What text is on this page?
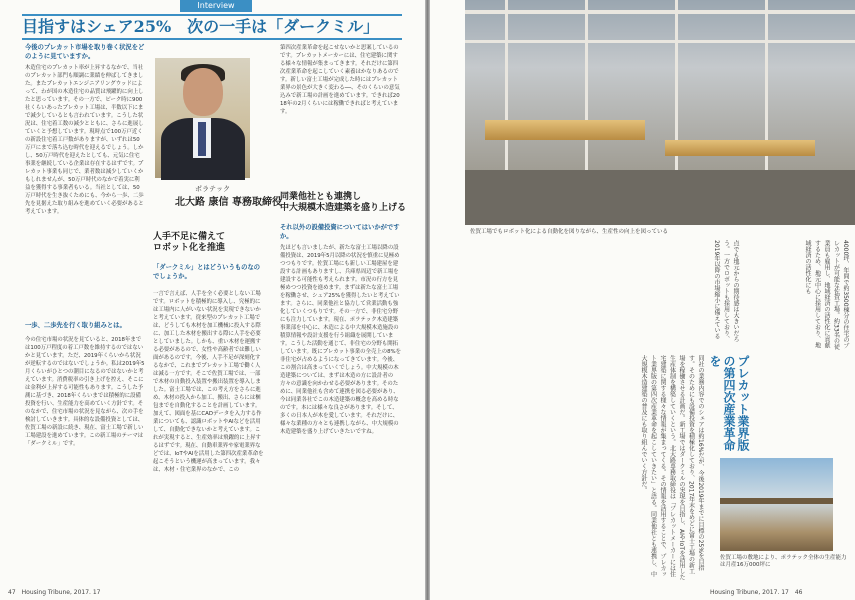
Interview
目指すはシェア25%　次の一手は「ダークミル」
今後のプレカット市場を取り巻く状況をどのように見ていますか。
木造住宅のプレカット率が上昇するなかで、当社のプレカット部門も順調に業績を伸ばしてきました。またプレカットエンジニアリングウッドによって、わが国の木造住宅の品質は飛躍的に向上したと思っています。その一方で、ピーク時に900社くらいあったプレカット工場は、半数以下にまで減少しているとも言われています。こうした状況は、住宅着工数の減少とともに、さらに進展していくと予想しています。現時点で100万戸近くの新設住宅着工戸数がありますが、いずれは50万戸にまで落ち込む時代を迎えるでしょう。しかし、50万戸時代を迎えたとしても、元気に住宅事業を継続している企業は存在するはずです。プレカット事業も同じで、業者数は減少していくかもしれませんが、50万戸時代のなかで着実に利益を獲得する事業者もいる。当社としては、50万戸時代を生き抜くためにも、今から一歩、二歩先を見据えた取り組みを進めていく必要があると考えています。
一歩、二歩先を行く取り組みとは。
今の住宅市場の状況を見ていると、2018年までは100万戸程度の着工戸数を維持するのではないかと見ています。ただ、2019年くらいから状況が逆転するのではないでしょうか。私は2019年5月くらいがひとつの潮目になるのではないかと考えています。消費税率の引き上げを控え、そこには金利が上昇する可能性もあります。こうした予測に基づき、2018年くらいまでは積極的に設備投資を行い、生産能力を高めていく方針です。そのなかで、住宅市場の状況を見ながら、次の手を検討していきます。具体的な設備投資としては、佐賀工場の新設に続き、現在、富士工場で新しい工場建設を進めています。この新工場のテーマは「ダークミル」です。
ポラテック
北大路 康信 専務取締役
人手不足に備えて
ロボット化を推進
「ダークミル」とはどういうものなのでしょうか。
一言で言えば、人手を全く必要としない工場です。ロボットを積極的に導入し、究極的には工場内に人がいない状況を実現できないかと考えています。従来型のプレカット工場では、どうしても木材を加工機械に投入する際に、加工した木材を搬出する際に人手を必要としていました。しかも、重い木材を運搬する必要があるので、女性や高齢者では難しい面があるのです。今後、人手不足が深刻化するなかで、これまでプレカット工場で働く人は減る一方です。そこで佐賀工場では、一部で木材の自動投入装置や搬出装置を導入しました。富士工場では、この考え方をさらに進め、木材の投入から加工、搬出、さらには梱包までを自動化することを計画しています。加えて、図面を基にCADデータを入力する作業についても、認識ロボットやAIなどを活用して、自動化できないかと考えています。これが実現すると、生産効率は飛躍的に上昇するはずです。現在、自動車業界や家電業界などでは、IoTやAIを活用した第四次産業革命を起こそうという機運が高まっています。我々は、木材・住宅業界のなかで、この
第四次産業革命を起こせないかと思案しているのです。プレカットメーカーには、住宅建築に関する様々な情報が集まってきます。それだけに第四次産業革命を起こしていく素養はかなりあるのです。新しい富士工場が完成した時にはプレカット業界の景色が大きく変わる──、そのくらいの意気込みで新工場の計画を進めています。できれば2018年の2月くらいには稼働できればと考えています。
同業他社とも連携し
中大規模木造建築を盛り上げる
それ以外の設備投資についてはいかがですか。
先ほども言いましたが、新たな富士工場以降の設備投資は、2019年5月以降の状況を慎重に見極めつつもりです。佐賀工場にも新しい工場建屋を建設する計画もありますし、兵庫県周辺で新工場を建設する可能性も考えられます。市況の行方を見極めつつ投資を進めます。まずは新たな富士工場を稼働させ、シェア25%を獲得したいと考えています。さらに、同業他社と協力して営業活動も強化していくつもりです。その一方で、非住宅分野にも注力しています。現在、ポラテック木造建築事業部を中心に、木造による中大規模木造施設の積算情報や設計支援を行う組織を展開しています。こうした活動を通じて、非住宅の分野も開拓しています。既にプレカット事業の全売上の8%を非住宅が占めるようになってきています。今後、この割合は高まっていくでしょう。中大規模の木造建築については、まずは木造の方に設計者の方々の意識を向かわせる必要があります。そのために、同業他社も含めて連携を図る必要があり、今は同業各社でこの木造建築の概念を高める時なのです。本には様々な良さがあります。そして、多くの日本人が木を愛しています。それだけに、様々な業種の方々とも連携しながら、中大規模の木造建築を盛り上げていきたいですね。
47　Housing Tribune, 2017. 17
佐賀工場でもロボット化による自動化を図りながら、生産性の向上を図っている
4000坪、年間で約3500棟分の住宅のプレカットが可能な佐賀工場。約33名の従業員も雇用し、地域経済の活性化に貢献するため、地元中心に採用しており、地域経済の活性化にも
点でも地元からの期待感は大きいだろう。一方でロボットも採用しており、2019年以降の市場縮小に備えている
プレカット業界版の第四次産業革命を
同社の業務内容でのシェアは約16%だが、今後2019年までに目標の25%を目指す。そのためにも設備投資を積極化しており、2017年末をめどに富士工場の新工場を稼働させる計画だ。新工場ではダークミルの実現を目指し、AIやIoTを活用した生産体制を構築していくという。北大路専務取締役は「プレカットメーカーには住宅建築に関する様々な情報が集まってくる。その情報を活用することで、プレカット業界版の第四次産業革命を起こしていきたい」と語る。同業他社とも連携し、中大規模木造建築の普及にも取り組んでいく方針だ。
佐賀工場の敷地により、ポラテック全体の生産能力は月産16万000坪に
Housing Tribune, 2017. 17　46
